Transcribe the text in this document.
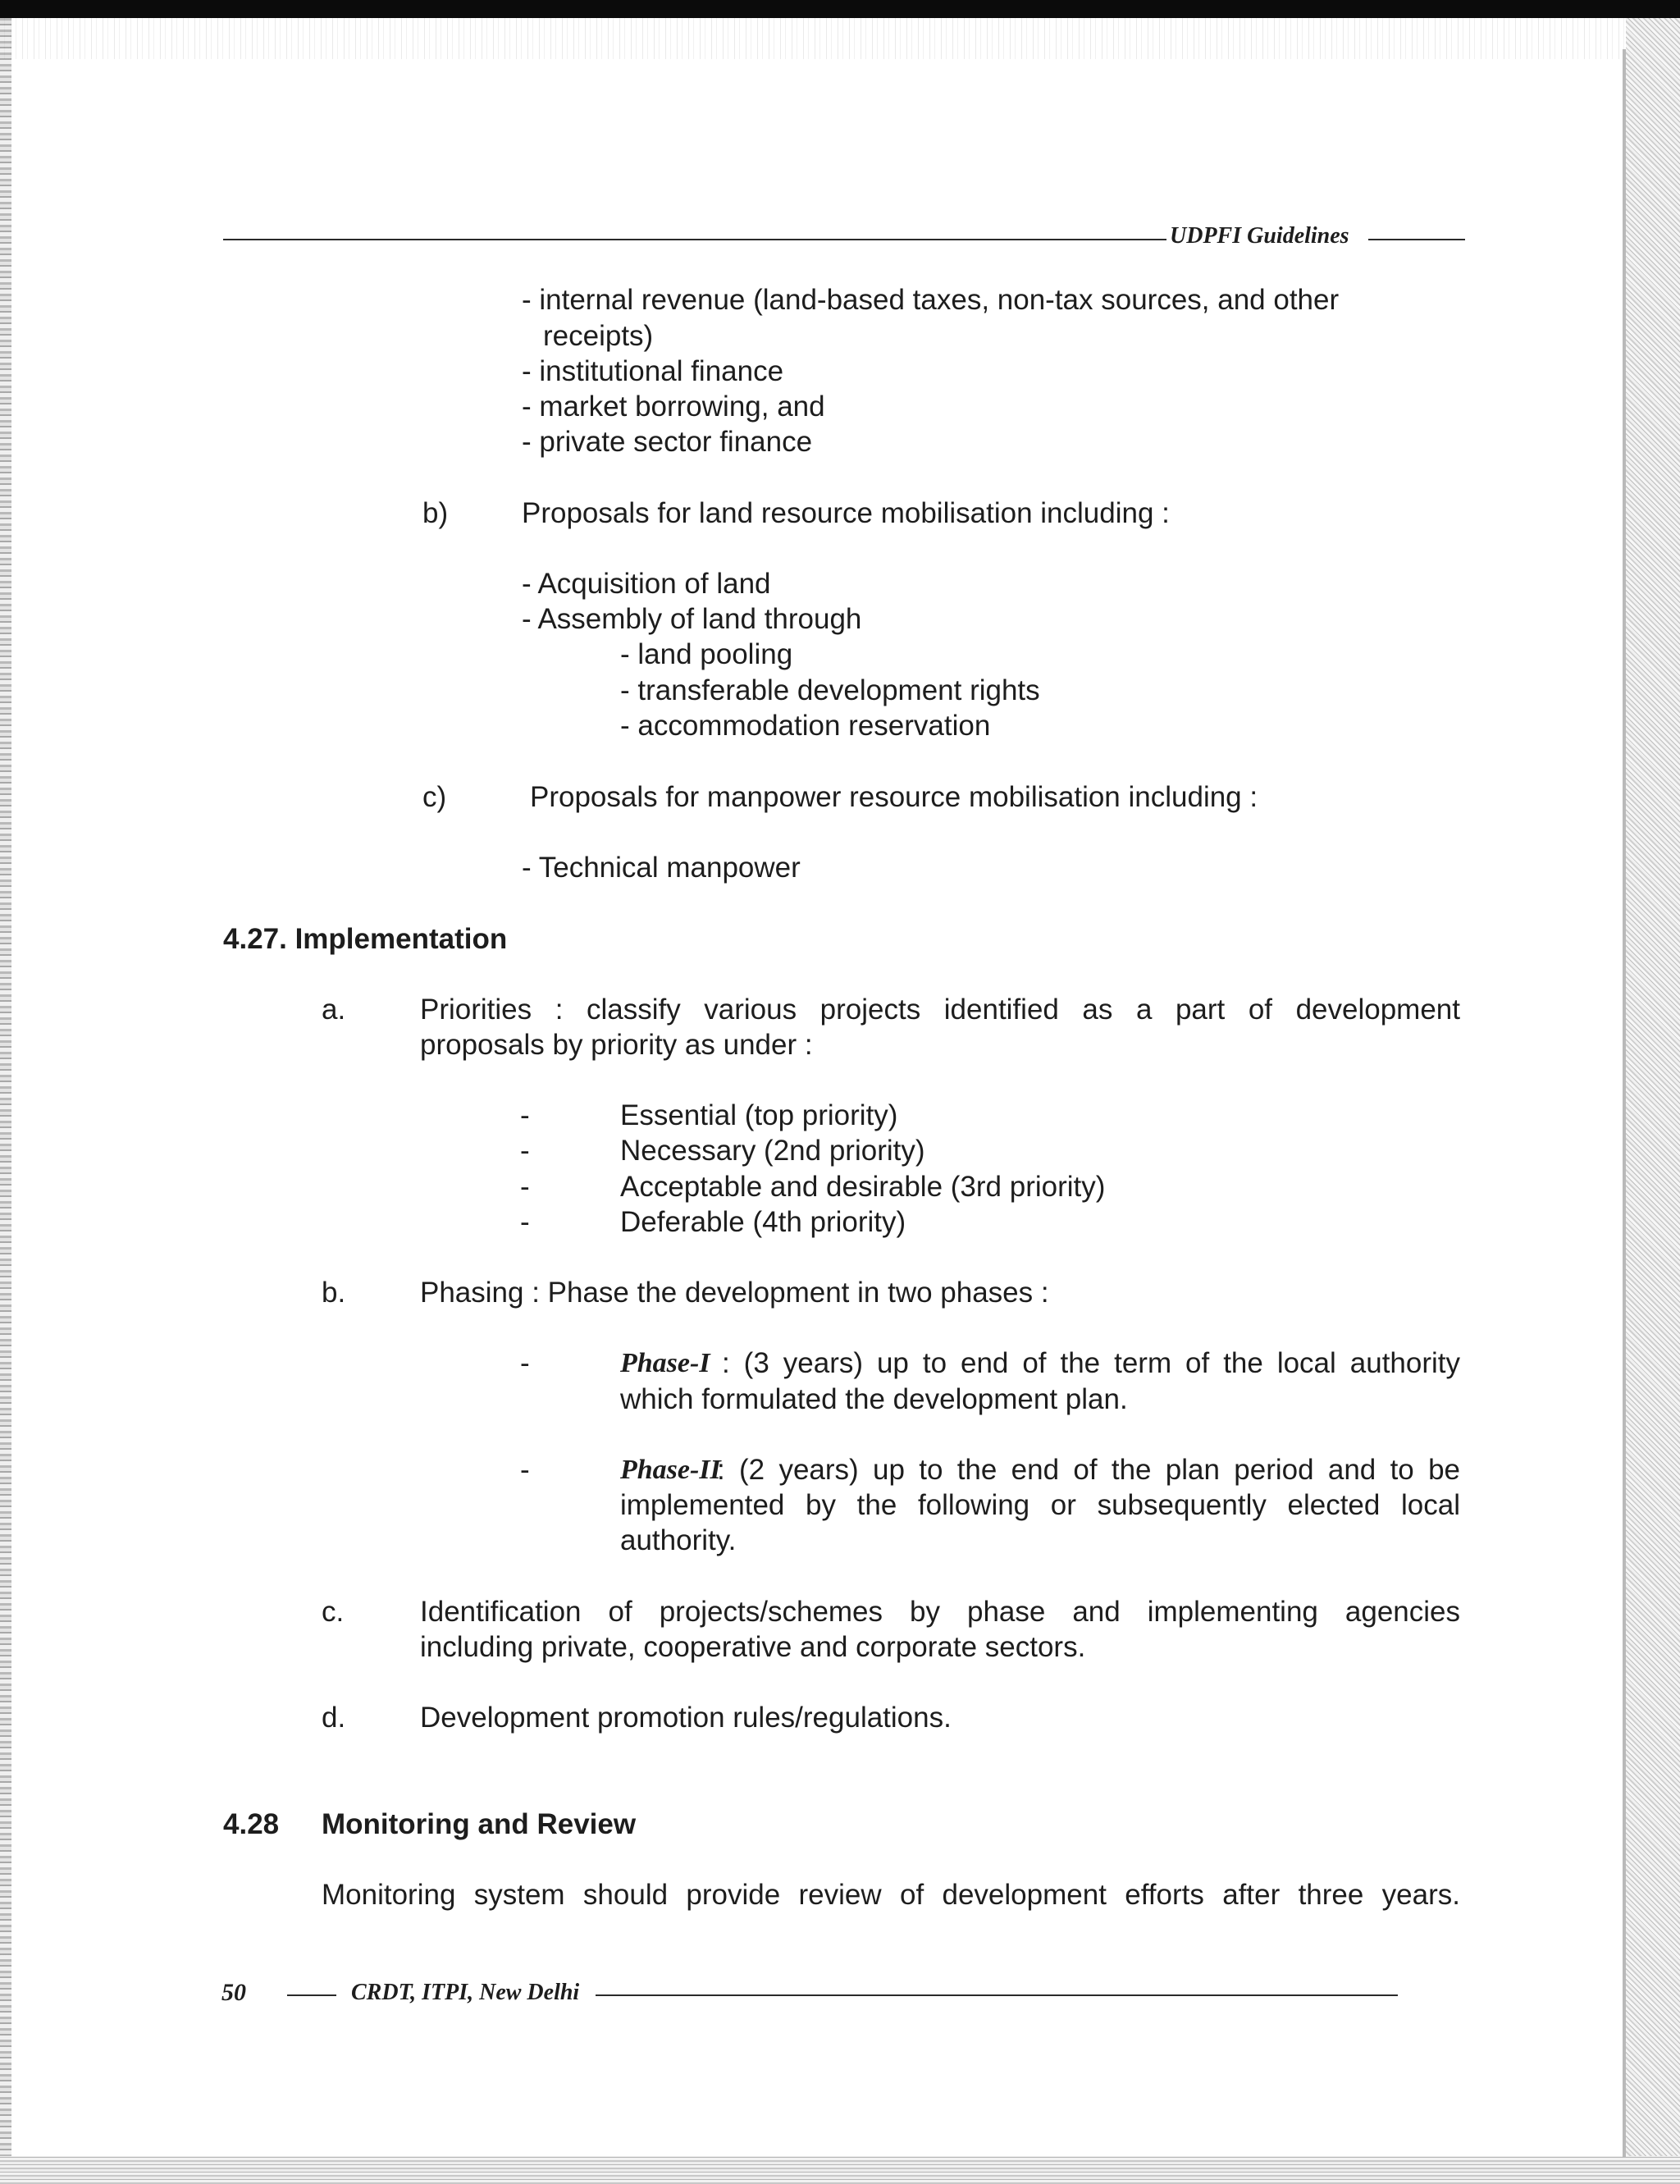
UDPFI Guidelines
- internal revenue (land-based taxes, non-tax sources, and other
receipts)
- institutional finance
- market borrowing, and
- private sector finance
b)	Proposals for land resource mobilisation including :
- Acquisition of land
- Assembly of land through
- land pooling
- transferable development rights
- accommodation reservation
c)	Proposals for manpower resource mobilisation including :
- Technical manpower
4.27. Implementation
a.	Priorities : classify various projects identified as a part of development
proposals by priority as under :
-	Essential (top priority)
-	Necessary (2nd priority)
-	Acceptable and desirable (3rd priority)
-	Deferable (4th priority)
b.	Phasing : Phase the development in two phases :
-	Phase-I : (3 years) up to end of the term of the local authority
which formulated the development plan.
-	Phase-II
: (2 years) up to the end of the plan period and to be
implemented by the following or subsequently elected local
authority.
c.	Identification of projects/schemes by phase and implementing agencies
including private, cooperative and corporate sectors.
d.	Development promotion rules/regulations.
4.28 Monitoring and Review
Monitoring system should provide review of development efforts after three years.
50	CRDT, ITPI, New Delhi
